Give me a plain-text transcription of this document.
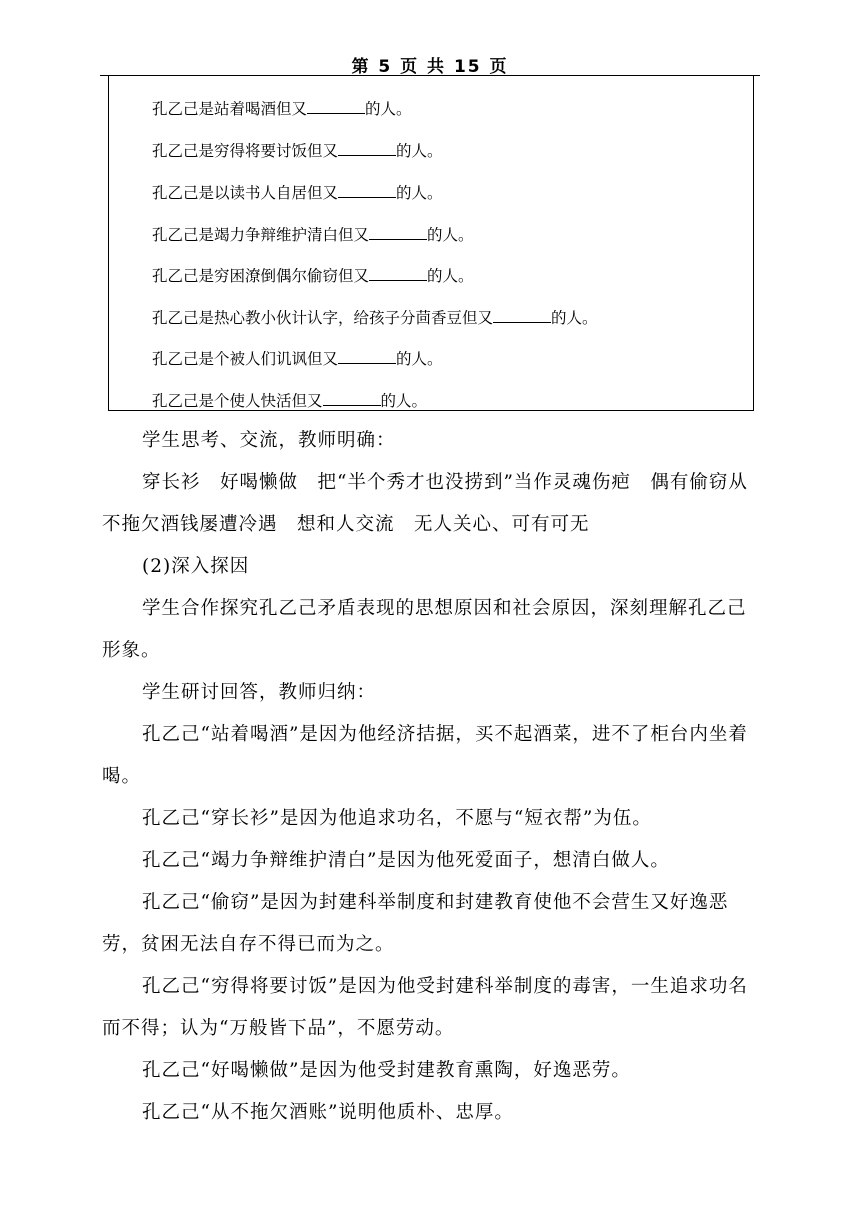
第 5 页 共 15 页
孔乙己是站着喝酒但又	的人。
孔乙己是穷得将要讨饭但又	的人。
孔乙己是以读书人自居但又	的人。
孔乙己是竭力争辩维护清白但又	的人。
孔乙己是穷困潦倒偶尔偷窃但又	的人。
孔乙己是热心教小伙计认字，给孩子分茴香豆但又	的人。
孔乙己是个被人们讥讽但又	的人。
孔乙己是个使人快活但又	的人。
学生思考、交流，教师明确：
穿长衫　好喝懒做　把“半个秀才也没捞到”当作灵魂伤疤　偶有偷窃从不拖欠酒钱屡遭冷遇　想和人交流　无人关心、可有可无
(2)深入探因
学生合作探究孔乙己矛盾表现的思想原因和社会原因，深刻理解孔乙己形象。
学生研讨回答，教师归纳：
孔乙己“站着喝酒”是因为他经济拮据，买不起酒菜，进不了柜台内坐着喝。
孔乙己“穿长衫”是因为他追求功名，不愿与“短衣帮”为伍。
孔乙己“竭力争辩维护清白”是因为他死爱面子，想清白做人。
孔乙己“偷窃”是因为封建科举制度和封建教育使他不会营生又好逸恶劳，贫困无法自存不得已而为之。
孔乙己“穷得将要讨饭”是因为他受封建科举制度的毒害，一生追求功名而不得；认为“万般皆下品”，不愿劳动。
孔乙己“好喝懒做”是因为他受封建教育熏陶，好逸恶劳。
孔乙己“从不拖欠酒账”说明他质朴、忠厚。
